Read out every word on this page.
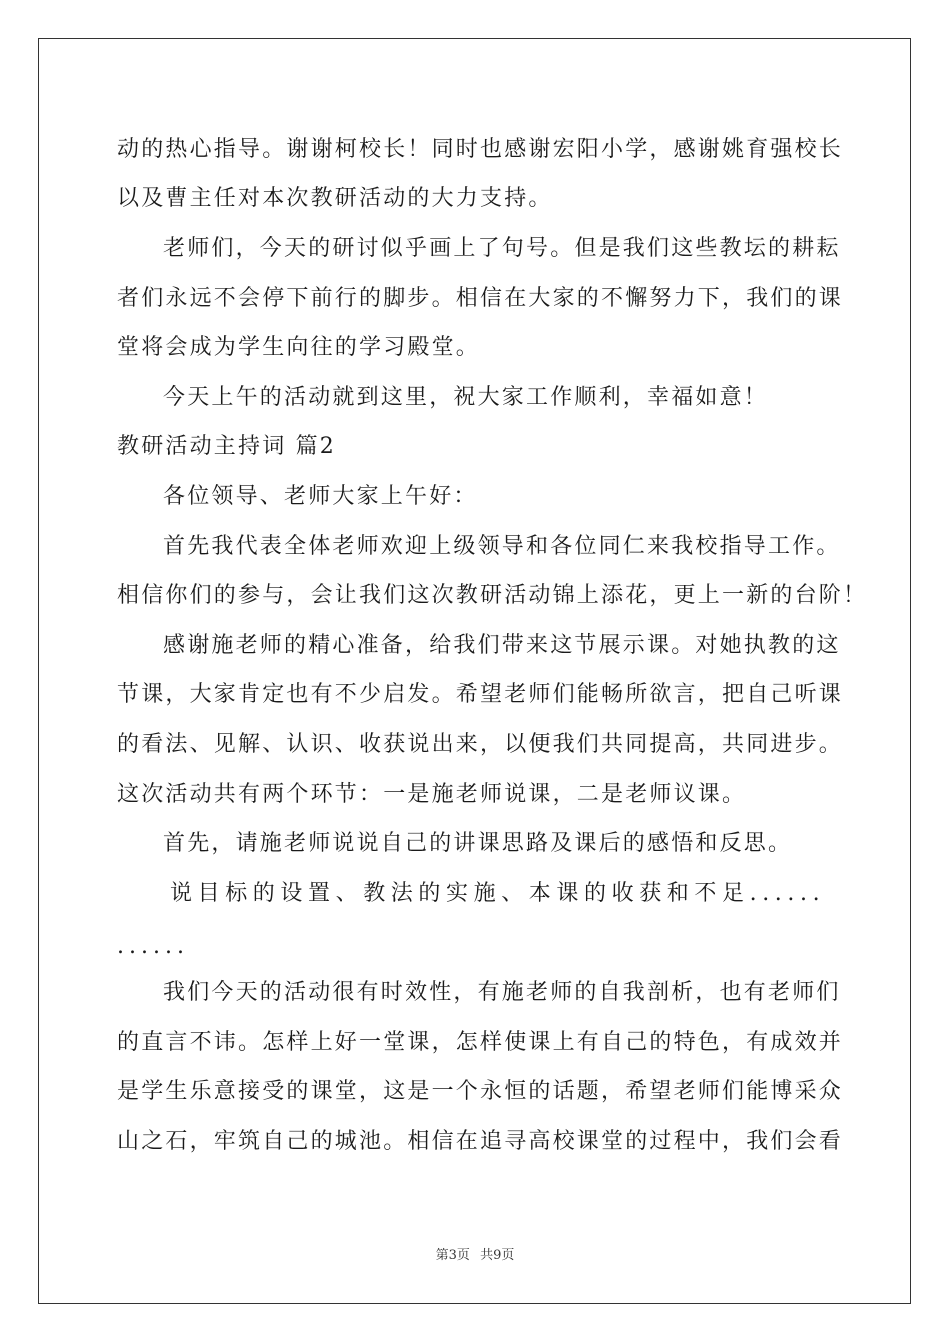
动的热心指导。谢谢柯校长！同时也感谢宏阳小学，感谢姚育强校长
以及曹主任对本次教研活动的大力支持。
老师们，今天的研讨似乎画上了句号。但是我们这些教坛的耕耘
者们永远不会停下前行的脚步。相信在大家的不懈努力下，我们的课
堂将会成为学生向往的学习殿堂。
今天上午的活动就到这里，祝大家工作顺利，幸福如意！
教研活动主持词 篇2
各位领导、老师大家上午好：
首先我代表全体老师欢迎上级领导和各位同仁来我校指导工作。
相信你们的参与，会让我们这次教研活动锦上添花，更上一新的台阶！
感谢施老师的精心准备，给我们带来这节展示课。对她执教的这
节课，大家肯定也有不少启发。希望老师们能畅所欲言，把自己听课
的看法、见解、认识、收获说出来，以便我们共同提高，共同进步。
这次活动共有两个环节：一是施老师说课，二是老师议课。
首先，请施老师说说自己的讲课思路及课后的感悟和反思。
说目标的设置、教法的实施、本课的收获和不足......
......
我们今天的活动很有时效性，有施老师的自我剖析，也有老师们
的直言不讳。怎样上好一堂课，怎样使课上有自己的特色，有成效并
是学生乐意接受的课堂，这是一个永恒的话题，希望老师们能博采众
山之石，牢筑自己的城池。相信在追寻高校课堂的过程中，我们会看
第3页 共9页
